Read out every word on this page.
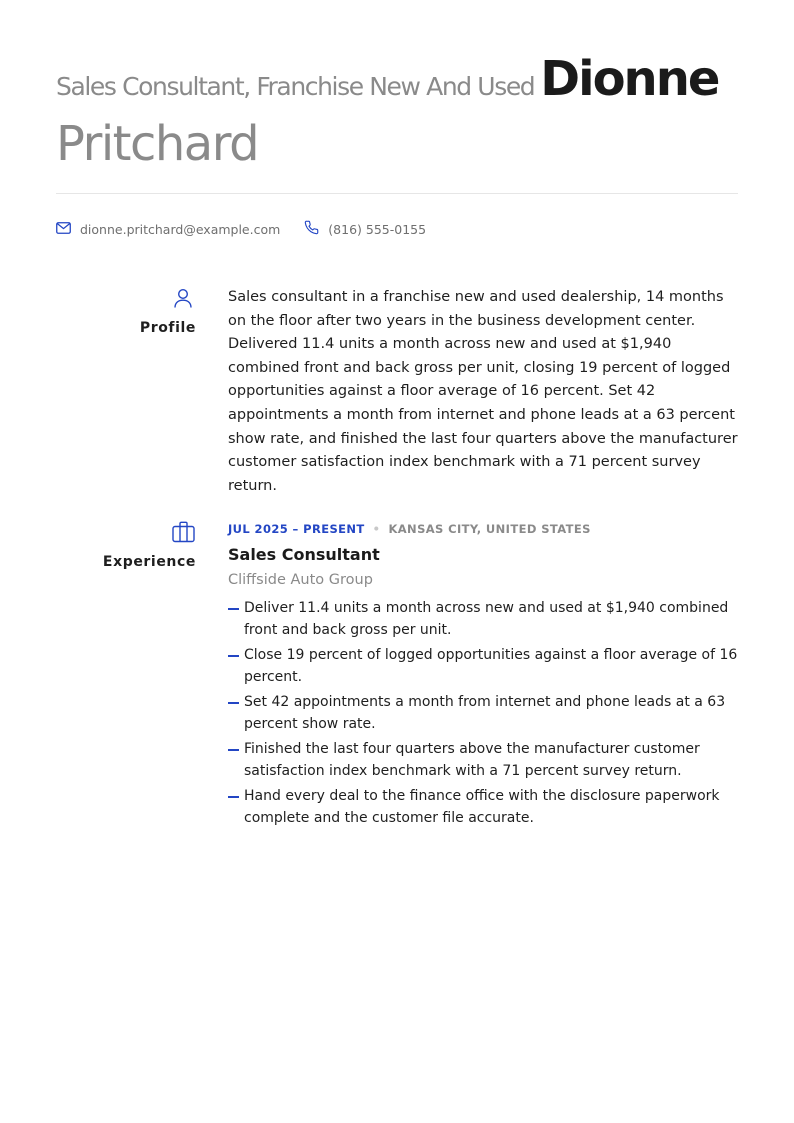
Sales Consultant, Franchise New And Used Dionne
Pritchard
dionne.pritchard@example.com	(816) 555-0155
Profile
Sales consultant in a franchise new and used dealership, 14 months on the floor after two years in the business development center. Delivered 11.4 units a month across new and used at $1,940 combined front and back gross per unit, closing 19 percent of logged opportunities against a floor average of 16 percent. Set 42 appointments a month from internet and phone leads at a 63 percent show rate, and finished the last four quarters above the manufacturer customer satisfaction index benchmark with a 71 percent survey return.
Experience
JUL 2025 – PRESENT • KANSAS CITY, UNITED STATES
Sales Consultant
Cliffside Auto Group
Deliver 11.4 units a month across new and used at $1,940 combined front and back gross per unit.
Close 19 percent of logged opportunities against a floor average of 16 percent.
Set 42 appointments a month from internet and phone leads at a 63 percent show rate.
Finished the last four quarters above the manufacturer customer satisfaction index benchmark with a 71 percent survey return.
Hand every deal to the finance office with the disclosure paperwork complete and the customer file accurate.
